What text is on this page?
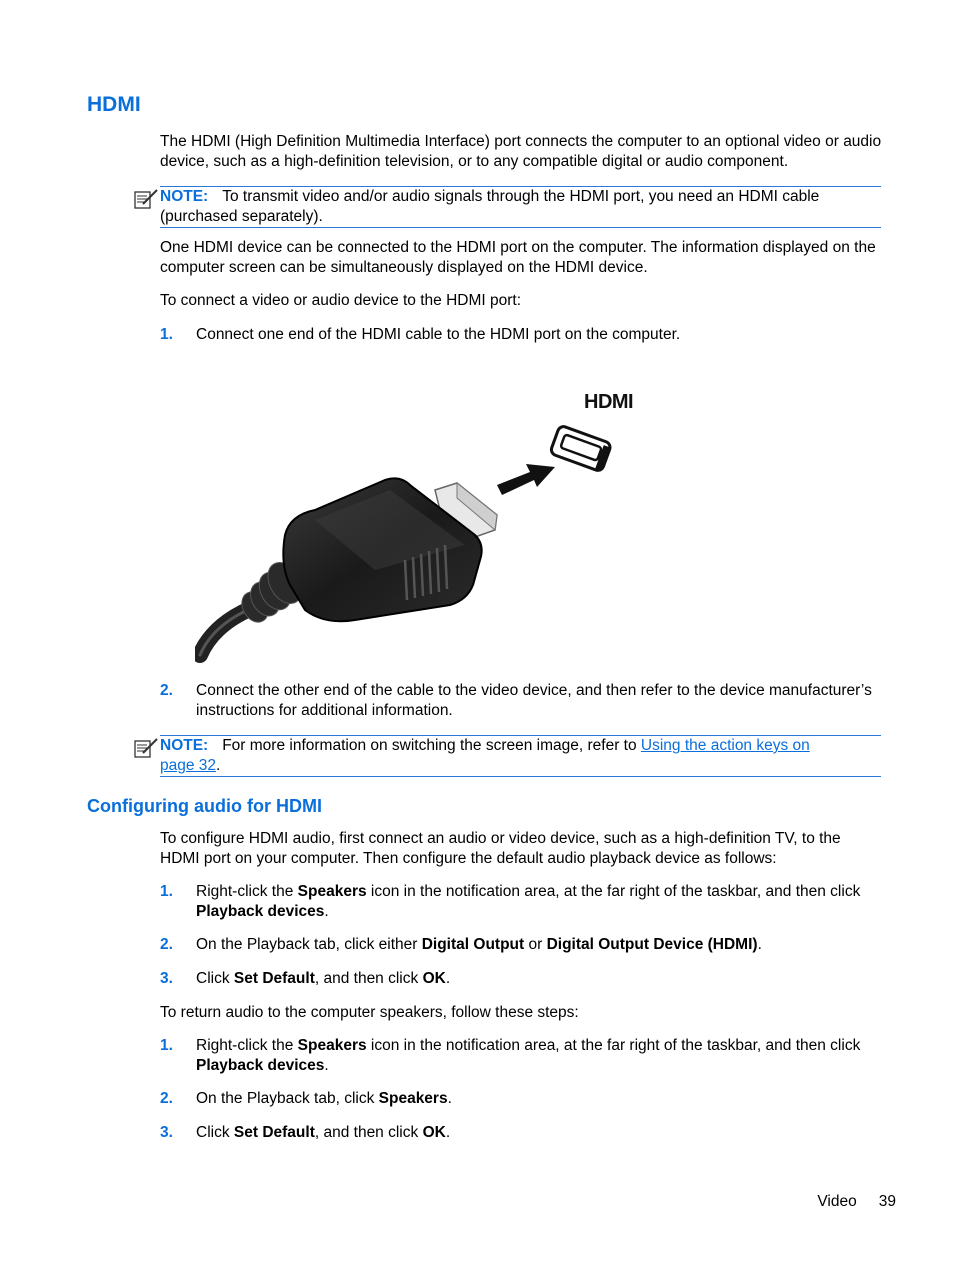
HDMI
The HDMI (High Definition Multimedia Interface) port connects the computer to an optional video or audio device, such as a high-definition television, or to any compatible digital or audio component.
NOTE: To transmit video and/or audio signals through the HDMI port, you need an HDMI cable (purchased separately).
One HDMI device can be connected to the HDMI port on the computer. The information displayed on the computer screen can be simultaneously displayed on the HDMI device.
To connect a video or audio device to the HDMI port:
1. Connect one end of the HDMI cable to the HDMI port on the computer.
HDMI
2. Connect the other end of the cable to the video device, and then refer to the device manufacturer’s instructions for additional information.
NOTE: For more information on switching the screen image, refer to Using the action keys on page 32.
Configuring audio for HDMI
To configure HDMI audio, first connect an audio or video device, such as a high-definition TV, to the HDMI port on your computer. Then configure the default audio playback device as follows:
1. Right-click the Speakers icon in the notification area, at the far right of the taskbar, and then click Playback devices.
2. On the Playback tab, click either Digital Output or Digital Output Device (HDMI).
3. Click Set Default, and then click OK.
To return audio to the computer speakers, follow these steps:
1. Right-click the Speakers icon in the notification area, at the far right of the taskbar, and then click Playback devices.
2. On the Playback tab, click Speakers.
3. Click Set Default, and then click OK.
Video 39
